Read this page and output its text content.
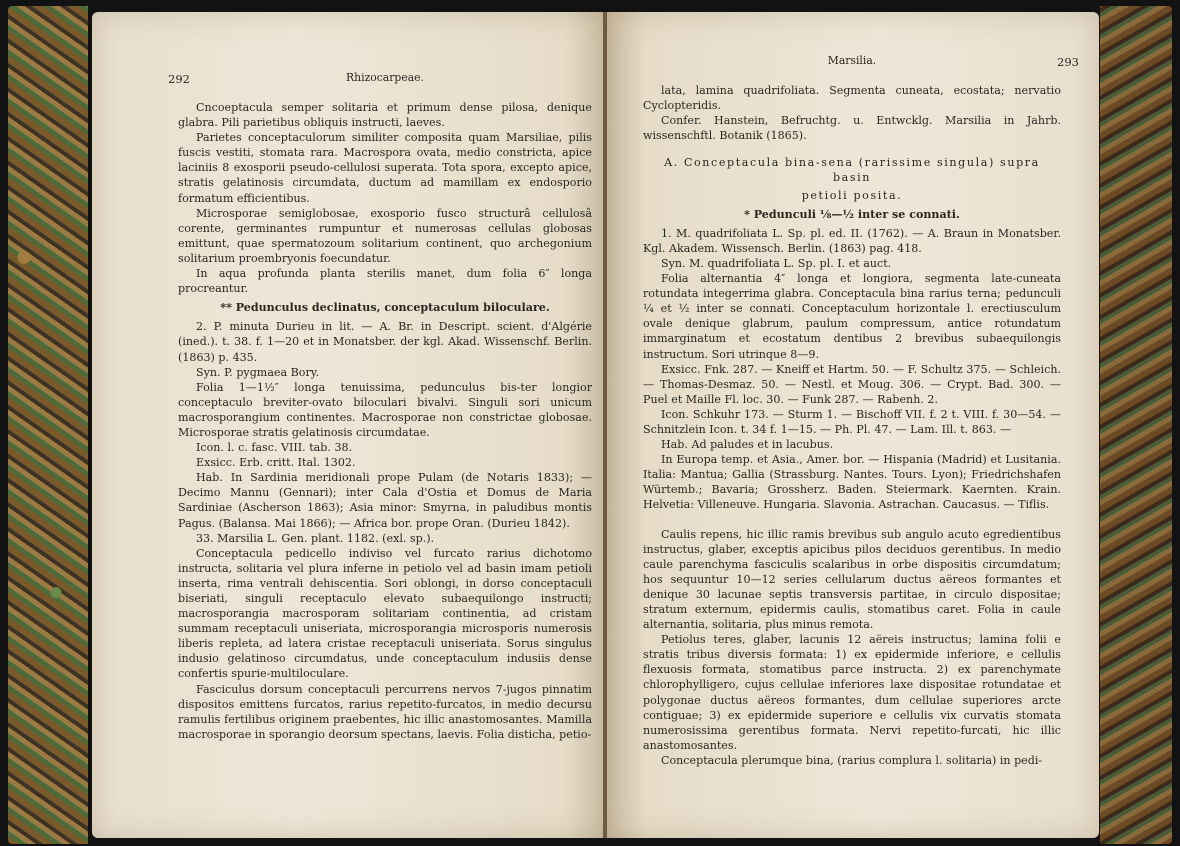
292	Rhizocarpeae.

Cncoeptacula semper solitaria et primum dense pilosa, denique glabra. Pili parietibus obliquis instructi, laeves.

Parietes conceptaculorum similiter composita quam Marsiliae, pilis fuscis vestiti, stomata rara. Macrospora ovata, medio constricta, apice laciniis 8 exosporii pseudo-cellulosi superata. Tota spora, excepto apice, stratis gelatinosis circumdata, ductum ad mamillam ex endosporio formatum efficientibus.

Microsporae semiglobosae, exosporio fusco structurâ cellulosâ corente, germinantes rumpuntur et numerosas cellulas globosas emittunt, quae spermatozoum solitarium continent, quo archegonium solitarium proembryonis foecundatur.

In aqua profunda planta sterilis manet, dum folia 6″ longa procreantur.

** Pedunculus declinatus, conceptaculum biloculare.

2. P. minuta Durieu in lit. — A. Br. in Descript. scient. d'Algérie (ined.). t. 38. f. 1—20 et in Monatsber. der kgl. Akad. Wissenschf. Berlin. (1863) p. 435.

Syn. P. pygmaea Bory.

Folia 1—1½″ longa tenuissima, pedunculus bis-ter longior conceptaculo breviter-ovato biloculari bivalvi. Singuli sori unicum macrosporangium continentes. Macrosporae non constrictae globosae. Microsporae stratis gelatinosis circumdatae.

Icon. l. c. fasc. VIII. tab. 38.

Exsicc. Erb. critt. Ital. 1302.

Hab. In Sardinia meridionali prope Pulam (de Notaris 1833); — Decimo Mannu (Gennari); inter Cala d'Ostia et Domus de Maria Sardiniae (Ascherson 1863); Asia minor: Smyrna, in paludibus montis Pagus. (Balansa. Mai 1866); — Africa bor. prope Oran. (Durieu 1842).

33. Marsilia L. Gen. plant. 1182. (exl. sp.).

Conceptacula pedicello indiviso vel furcato rarius dichotomo instructa, solitaria vel plura inferne in petiolo vel ad basin imam petioli inserta, rima ventrali dehiscentia. Sori oblongi, in dorso conceptaculi biseriati, singuli receptaculo elevato subaequilongo instructi; macrosporangia macrosporam solitariam continentia, ad cristam summam receptaculi uniseriata, microsporangia microsporis numerosis liberis repleta, ad latera cristae receptaculi uniseriata. Sorus singulus indusio gelatinoso circumdatus, unde conceptaculum indusiis dense confertis spurie-multiloculare.

Fasciculus dorsum conceptaculi percurrens nervos 7-jugos pinnatim dispositos emittens furcatos, rarius repetito-furcatos, in medio decursu ramulis fertilibus originem praebentes, hic illic anastomosantes. Mamilla macrosporae in sporangio deorsum spectans, laevis. Folia disticha, petio-

Marsilia.	293

lata, lamina quadrifoliata. Segmenta cuneata, ecostata; nervatio Cyclopteridis.

Confer. Hanstein, Befruchtg. u. Entwcklg. Marsilia in Jahrb. wissenschftl. Botanik (1865).

A. Conceptacula bina-sena (rarissime singula) supra basin

petioli posita.

* Pedunculi ⅛—½ inter se connati.

1. M. quadrifoliata L. Sp. pl. ed. II. (1762). — A. Braun in Monatsber. Kgl. Akadem. Wissensch. Berlin. (1863) pag. 418.

Syn. M. quadrifoliata L. Sp. pl. I. et auct.

Folia alternantia 4″ longa et longiora, segmenta late-cuneata rotundata integerrima glabra. Conceptacula bina rarius terna; pedunculi ¼ et ½ inter se connati. Conceptaculum horizontale l. erectiusculum ovale denique glabrum, paulum compressum, antice rotundatum immarginatum et ecostatum dentibus 2 brevibus subaequilongis instructum. Sori utrinque 8—9.

Exsicc. Fnk. 287. — Kneiff et Hartm. 50. — F. Schultz 375. — Schleich. — Thomas-Desmaz. 50. — Nestl. et Moug. 306. — Crypt. Bad. 300. — Puel et Maille Fl. loc. 30. — Funk 287. — Rabenh. 2.

Icon. Schkuhr 173. — Sturm 1. — Bischoff VII. f. 2 t. VIII. f. 30—54. — Schnitzlein Icon. t. 34 f. 1—15. — Ph. Pl. 47. — Lam. Ill. t. 863. —

Hab. Ad paludes et in lacubus.

In Europa temp. et Asia., Amer. bor. — Hispania (Madrid) et Lusitania. Italia: Mantua; Gallia (Strassburg. Nantes. Tours. Lyon); Friedrichshafen Würtemb.; Bavaria; Grossherz. Baden. Steiermark. Kaernten. Krain. Helvetia: Villeneuve. Hungaria. Slavonia. Astrachan. Caucasus. — Tiflis.

Caulis repens, hic illic ramis brevibus sub angulo acuto egredientibus instructus, glaber, exceptis apicibus pilos deciduos gerentibus. In medio caule parenchyma fasciculis scalaribus in orbe dispositis circumdatum; hos sequuntur 10—12 series cellularum ductus aëreos formantes et denique 30 lacunae septis transversis partitae, in circulo dispositae; stratum externum, epidermis caulis, stomatibus caret. Folia in caule alternantia, solitaria, plus minus remota.

Petiolus teres, glaber, lacunis 12 aëreis instructus; lamina folii e stratis tribus diversis formata: 1) ex epidermide inferiore, e cellulis flexuosis formata, stomatibus parce instructa. 2) ex parenchymate chlorophylligero, cujus cellulae inferiores laxe dispositae rotundatae et polygonae ductus aëreos formantes, dum cellulae superiores arcte contiguae; 3) ex epidermide superiore e cellulis vix curvatis stomata numerosissima gerentibus formata. Nervi repetito-furcati, hic illic anastomosantes.

Conceptacula plerumque bina, (rarius complura l. solitaria) in pedi-
